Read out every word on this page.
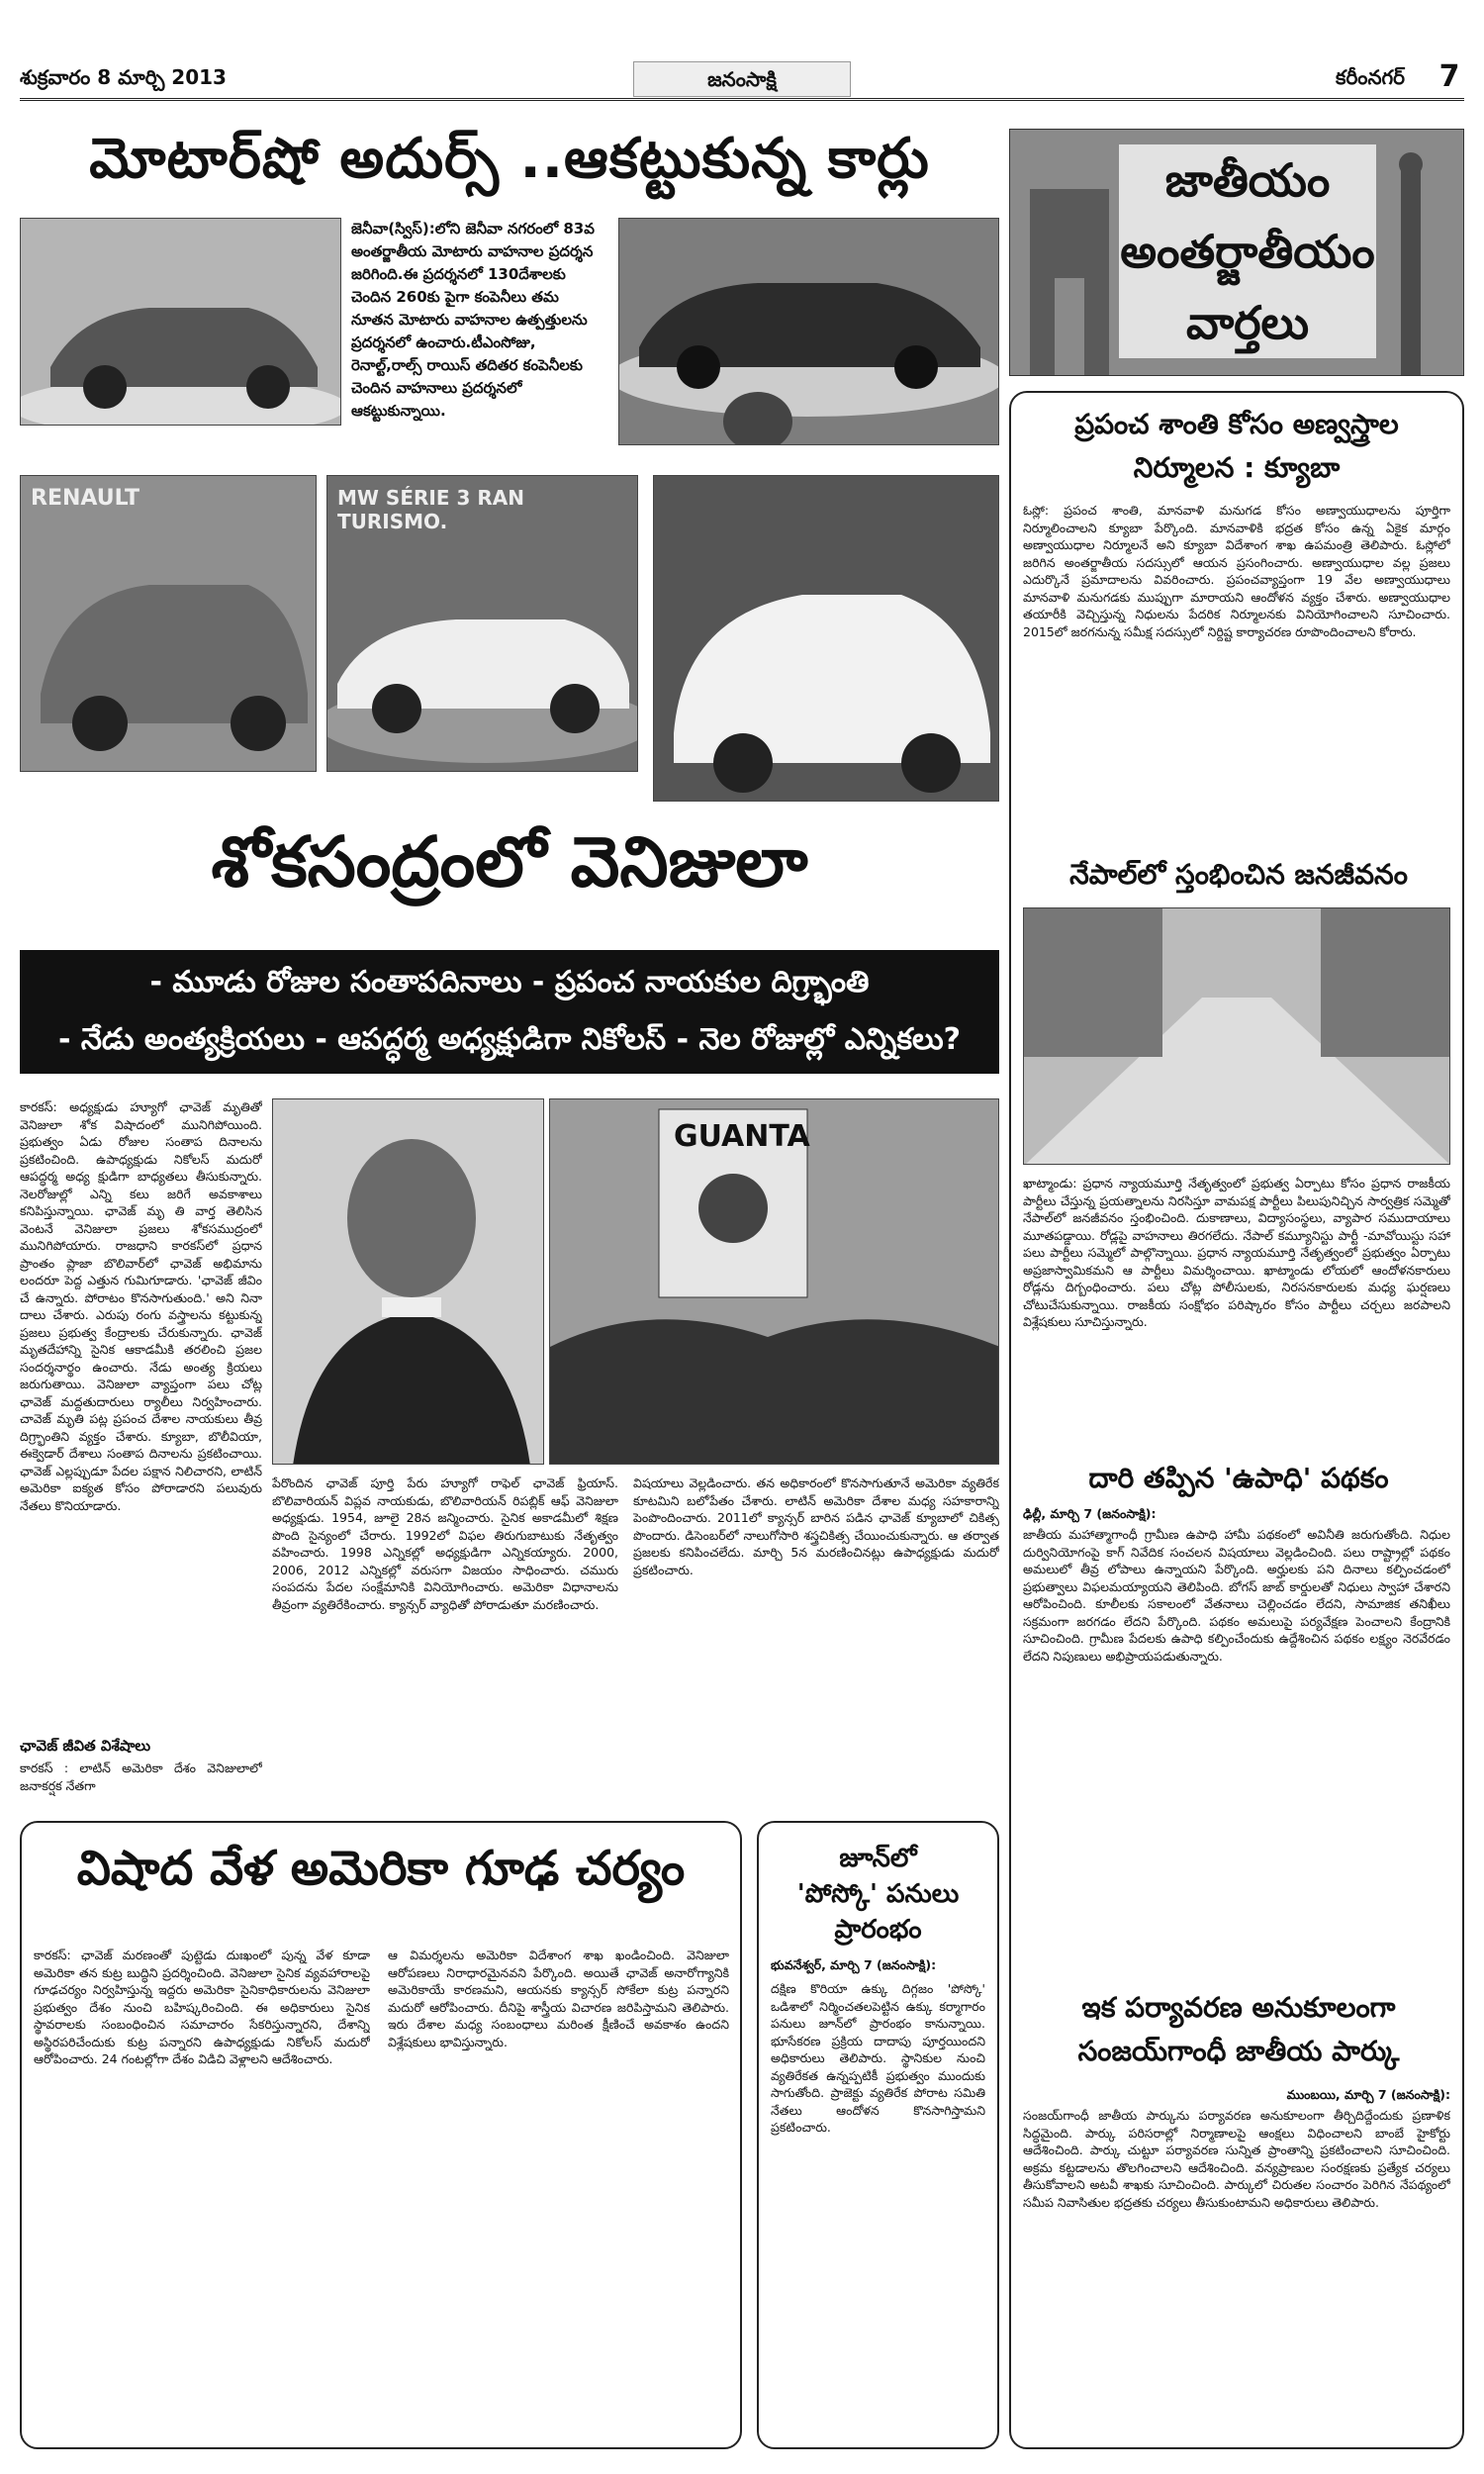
శుక్రవారం 8 మార్చి 2013	కరీంనగర్
జనంసాక్షి	7
మోటార్‌షో అదుర్స్ ..ఆకట్టుకున్న కార్లు
జెనీవా(స్విస్):లోని జెనీవా నగరంలో 83వ అంతర్జాతీయ మోటారు వాహనాల ప్రదర్శన జరిగింది.ఈ ప్రదర్శనలో 130దేశాలకు చెందిన 260కు పైగా కంపెనీలు తమ నూతన మోటారు వాహనాల ఉత్పత్తులను ప్రదర్శనలో ఉంచారు.టీఎంసోజు, రెనాల్ట్,రాల్స్ రాయిస్ తదితర కంపెనీలకు చెందిన వాహనాలు ప్రదర్శనలో ఆకట్టుకున్నాయి.
RENAULT	MW SÉRIE 3 RAN TURISMO.
శోకసంద్రంలో వెనిజులా
- మూడు రోజుల సంతాపదినాలు - ప్రపంచ నాయకుల దిగ్ర్భాంతి
- నేడు అంత్యక్రియలు - ఆపద్ధర్మ అధ్యక్షుడిగా నికోలస్ - నెల రోజుల్లో ఎన్నికలు?
కారకస్: అధ్యక్షుడు హ్యూగో ఛావెజ్ మృతితో వెనిజులా శోక విషాదంలో మునిగిపోయింది. ప్రభుత్వం ఏడు రోజుల సంతాప దినాలను ప్రకటించింది. ఉపాధ్యక్షుడు నికోలస్ మదురో ఆపద్ధర్మ అధ్య క్షుడిగా బాధ్యతలు తీసుకున్నారు. నెలరోజుల్లో ఎన్ని కలు జరిగే అవకాశాలు కనిపిస్తున్నాయి. ఛావెజ్ మృ తి వార్త తెలిసిన వెంటనే వెనిజులా ప్రజలు శోకసముద్రంలో మునిగిపోయారు. రాజధాని కారకస్‌లో ప్రధాన ప్రాంతం ప్లాజా బొలివార్‌లో ఛావెజ్ అభిమాను లందరూ పెద్ద ఎత్తున గుమిగూడారు. 'ఛావెజ్ జీవిం చే ఉన్నారు. పోరాటం కొనసాగుతుంది.' అని నినా దాలు చేశారు. ఎరుపు రంగు వస్త్రాలను కట్టుకున్న ప్రజలు ప్రభుత్వ కేంద్రాలకు చేరుకున్నారు. ఛావెజ్ మృతదేహాన్ని సైనిక ఆకాడమీకి తరలించి ప్రజల సందర్శనార్థం ఉంచారు. నేడు అంత్య క్రియలు జరుగుతాయి. వెనిజులా వ్యాప్తంగా పలు చోట్ల ఛావెజ్ మద్దతుదారులు ర్యాలీలు నిర్వహించారు. చావెజ్ మృతి పట్ల ప్రపంచ దేశాల నాయకులు తీవ్ర దిగ్ర్భాంతిని వ్యక్తం చేశారు. క్యూబా, బొలీవియా, ఈక్వెడార్ దేశాలు సంతాప దినాలను ప్రకటించాయి. ఛావెజ్ ఎల్లప్పుడూ పేదల పక్షాన నిలిచారని, లాటిన్ అమెరికా ఐక్యత కోసం పోరాడారని పలువురు నేతలు కొనియాడారు.
ఛావెజ్ జీవిత విశేషాలు
కారకస్ : లాటిన్ అమెరికా దేశం వెనిజులాలో జనాకర్షక నేతగా
GUANTA
పేరొందిన ఛావెజ్ పూర్తి పేరు హ్యూగో రాఫెల్ ఛావెజ్ ఫ్రియాస్. బొలివారియన్ విప్లవ నాయకుడు, బొలివారియన్ రిపబ్లిక్ ఆఫ్ వెనిజులా అధ్యక్షుడు. 1954, జూలై 28న జన్మించారు. సైనిక అకాడమీలో శిక్షణ పొంది సైన్యంలో చేరారు. 1992లో విఫల తిరుగుబాటుకు నేతృత్వం వహించారు. 1998 ఎన్నికల్లో అధ్యక్షుడిగా ఎన్నికయ్యారు. 2000, 2006, 2012 ఎన్నికల్లో వరుసగా విజయం సాధించారు. చమురు సంపదను పేదల సంక్షేమానికి వినియోగించారు. అమెరికా విధానాలను తీవ్రంగా వ్యతిరేకించారు. క్యాన్సర్ వ్యాధితో పోరాడుతూ మరణించారు.
విషయాలు వెల్లడించారు. తన అధికారంలో కొనసాగుతూనే అమెరికా వ్యతిరేక కూటమిని బలోపేతం చేశారు. లాటిన్ అమెరికా దేశాల మధ్య సహకారాన్ని పెంపొందించారు. 2011లో క్యాన్సర్ బారిన పడిన ఛావెజ్ క్యూబాలో చికిత్స పొందారు. డిసెంబర్‌లో నాలుగోసారి శస్త్రచికిత్స చేయించుకున్నారు. ఆ తర్వాత ప్రజలకు కనిపించలేదు. మార్చి 5న మరణించినట్లు ఉపాధ్యక్షుడు మదురో ప్రకటించారు.
విషాద వేళ అమెరికా గూఢ చర్యం
కారకస్: ఛావెజ్ మరణంతో పుట్టెడు దుఃఖంలో పున్న వేళ కూడా అమెరికా తన కుట్ర బుద్ధిని ప్రదర్శించింది. వెనిజులా సైనిక వ్యవహారాలపై గూఢచర్యం నిర్వహిస్తున్న ఇద్దరు అమెరికా సైనికాధికారులను వెనిజులా ప్రభుత్వం దేశం నుంచి బహిష్కరించింది. ఈ అధికారులు సైనిక స్థావరాలకు సంబంధించిన సమాచారం సేకరిస్తున్నారని, దేశాన్ని అస్థిరపరిచేందుకు కుట్ర పన్నారని ఉపాధ్యక్షుడు నికోలస్ మదురో ఆరోపించారు. 24 గంటల్లోగా దేశం విడిచి వెళ్లాలని ఆదేశించారు.
ఆ విమర్శలను అమెరికా విదేశాంగ శాఖ ఖండించింది. వెనిజులా ఆరోపణలు నిరాధారమైనవని పేర్కొంది. అయితే ఛావెజ్ అనారోగ్యానికి అమెరికాయే కారణమని, ఆయనకు క్యాన్సర్ సోకేలా కుట్ర పన్నారని మదురో ఆరోపించారు. దీనిపై శాస్త్రీయ విచారణ జరిపిస్తామని తెలిపారు. ఇరు దేశాల మధ్య సంబంధాలు మరింత క్షీణించే అవకాశం ఉందని విశ్లేషకులు భావిస్తున్నారు.
జూన్‌లో
'పోస్కో' పనులు
ప్రారంభం
భువనేశ్వర్, మార్చి 7 (జనంసాక్షి):
దక్షిణ కొరియా ఉక్కు దిగ్గజం 'పోస్కో' ఒడిశాలో నిర్మించతలపెట్టిన ఉక్కు కర్మాగారం పనులు జూన్‌లో ప్రారంభం కానున్నాయి. భూసేకరణ ప్రక్రియ దాదాపు పూర్తయిందని అధికారులు తెలిపారు. స్థానికుల నుంచి వ్యతిరేకత ఉన్నప్పటికీ ప్రభుత్వం ముందుకు సాగుతోంది. ప్రాజెక్టు వ్యతిరేక పోరాట సమితి నేతలు ఆందోళన కొనసాగిస్తామని ప్రకటించారు.
జాతీయం
అంతర్జాతీయం
వార్తలు
ప్రపంచ శాంతి కోసం అణ్వస్త్రాల నిర్మూలన : క్యూబా
ఓస్లో: ప్రపంచ శాంతి, మానవాళి మనుగడ కోసం అణ్వాయుధాలను పూర్తిగా నిర్మూలించాలని క్యూబా పేర్కొంది. మానవాళికి భద్రత కోసం ఉన్న ఏకైక మార్గం అణ్వాయుధాల నిర్మూలనే అని క్యూబా విదేశాంగ శాఖ ఉపమంత్రి తెలిపారు. ఓస్లోలో జరిగిన అంతర్జాతీయ సదస్సులో ఆయన ప్రసంగించారు. అణ్వాయుధాల వల్ల ప్రజలు ఎదుర్కొనే ప్రమాదాలను వివరించారు. ప్రపంచవ్యాప్తంగా 19 వేల అణ్వాయుధాలు మానవాళి మనుగడకు ముప్పుగా మారాయని ఆందోళన వ్యక్తం చేశారు. అణ్వాయుధాల తయారీకి వెచ్చిస్తున్న నిధులను పేదరిక నిర్మూలనకు వినియోగించాలని సూచించారు. 2015లో జరగనున్న సమీక్ష సదస్సులో నిర్దిష్ట కార్యాచరణ రూపొందించాలని కోరారు.
నేపాల్‌లో స్తంభించిన జనజీవనం
ఖాట్మాండు: ప్రధాన న్యాయమూర్తి నేతృత్వంలో ప్రభుత్వ ఏర్పాటు కోసం ప్రధాన రాజకీయ పార్టీలు చేస్తున్న ప్రయత్నాలను నిరసిస్తూ వామపక్ష పార్టీలు పిలుపునిచ్చిన సార్వత్రిక సమ్మెతో నేపాల్‌లో జనజీవనం స్తంభించింది. దుకాణాలు, విద్యాసంస్థలు, వ్యాపార సముదాయాలు మూతపడ్డాయి. రోడ్లపై వాహనాలు తిరగలేదు. నేపాల్ కమ్యూనిస్టు పార్టీ -మావోయిస్టు సహా పలు పార్టీలు సమ్మెలో పాల్గొన్నాయి. ప్రధాన న్యాయమూర్తి నేతృత్వంలో ప్రభుత్వం ఏర్పాటు అప్రజాస్వామికమని ఆ పార్టీలు విమర్శించాయి. ఖాట్మాండు లోయలో ఆందోళనకారులు రోడ్లను దిగ్బంధించారు. పలు చోట్ల పోలీసులకు, నిరసనకారులకు మధ్య ఘర్షణలు చోటుచేసుకున్నాయి. రాజకీయ సంక్షోభం పరిష్కారం కోసం పార్టీలు చర్చలు జరపాలని విశ్లేషకులు సూచిస్తున్నారు.
దారి తప్పిన 'ఉపాధి' పథకం
ఢిల్లీ, మార్చి 7 (జనంసాక్షి):
జాతీయ మహాత్మాగాంధీ గ్రామీణ ఉపాధి హామీ పథకంలో అవినీతి జరుగుతోంది. నిధుల దుర్వినియోగంపై కాగ్ నివేదిక సంచలన విషయాలు వెల్లడించింది. పలు రాష్ట్రాల్లో పథకం అమలులో తీవ్ర లోపాలు ఉన్నాయని పేర్కొంది. అర్హులకు పని దినాలు కల్పించడంలో ప్రభుత్వాలు విఫలమయ్యాయని తెలిపింది. బోగస్ జాబ్ కార్డులతో నిధులు స్వాహా చేశారని ఆరోపించింది. కూలీలకు సకాలంలో వేతనాలు చెల్లించడం లేదని, సామాజిక తనిఖీలు సక్రమంగా జరగడం లేదని పేర్కొంది. పథకం అమలుపై పర్యవేక్షణ పెంచాలని కేంద్రానికి సూచించింది. గ్రామీణ పేదలకు ఉపాధి కల్పించేందుకు ఉద్దేశించిన పథకం లక్ష్యం నెరవేరడం లేదని నిపుణులు అభిప్రాయపడుతున్నారు.
ఇక పర్యావరణ అనుకూలంగా
సంజయ్‌గాంధీ జాతీయ పార్కు
ముంబయి, మార్చి 7 (జనంసాక్షి):
సంజయ్‌గాంధీ జాతీయ పార్కును పర్యావరణ అనుకూలంగా తీర్చిదిద్దేందుకు ప్రణాళిక సిద్ధమైంది. పార్కు పరిసరాల్లో నిర్మాణాలపై ఆంక్షలు విధించాలని బాంబే హైకోర్టు ఆదేశించింది. పార్కు చుట్టూ పర్యావరణ సున్నిత ప్రాంతాన్ని ప్రకటించాలని సూచించింది. అక్రమ కట్టడాలను తొలగించాలని ఆదేశించింది. వన్యప్రాణుల సంరక్షణకు ప్రత్యేక చర్యలు తీసుకోవాలని అటవీ శాఖకు సూచించింది. పార్కులో చిరుతల సంచారం పెరిగిన నేపథ్యంలో సమీప నివాసితుల భద్రతకు చర్యలు తీసుకుంటామని అధికారులు తెలిపారు.
